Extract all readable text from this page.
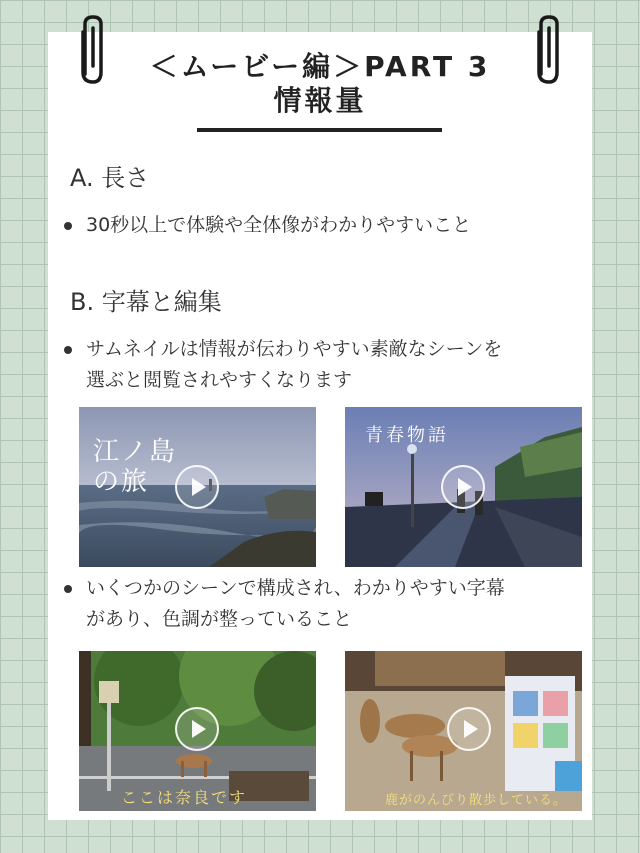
＜ムービー編＞PART 3
情報量
A. 長さ
30秒以上で体験や全体像がわかりやすいこと
B. 字幕と編集
サムネイルは情報が伝わりやすい素敵なシーンを
選ぶと閲覧されやすくなります
江ノ島の旅
青春物語
いくつかのシーンで構成され、わかりやすい字幕
があり、色調が整っていること
ここは奈良です	鹿がのんびり散歩している。
